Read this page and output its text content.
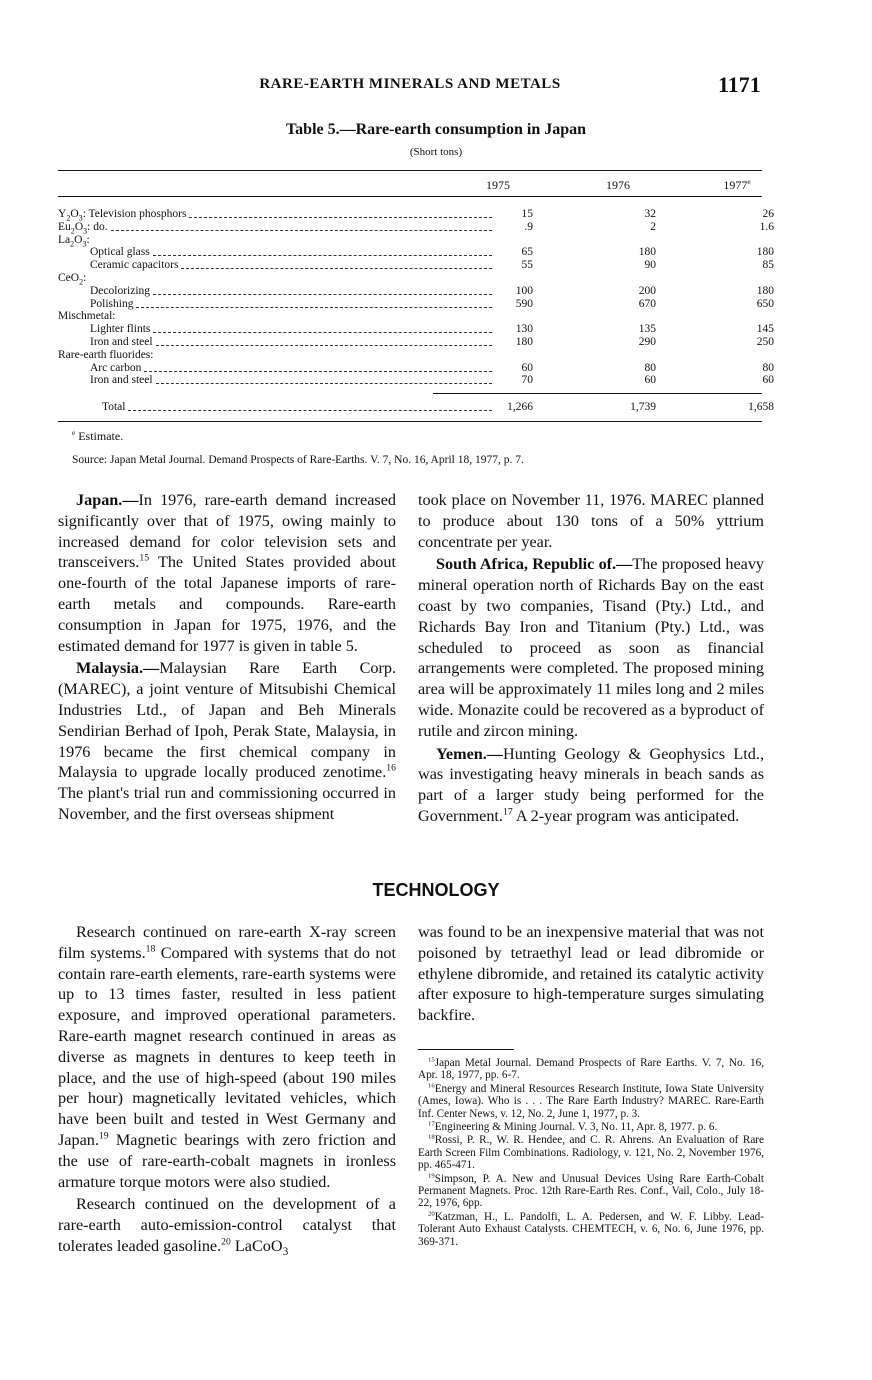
RARE-EARTH MINERALS AND METALS	1171
Table 5.—Rare-earth consumption in Japan
(Short tons)
1975	1976	1977e
$Y_2O_3$: Television phosphors	15	32	26
$Eu_2O_3$: do.	.9	2	1.6
$La_2O_3$:
Optical glass	65	180	180
Ceramic capacitors	55	90	85
CeO$_2$:
Decolorizing	100	200	180
Polishing	590	670	650
Mischmetal:
Lighter flints	130	135	145
Iron and steel	180	290	250
Rare-earth fluorides:
Arc carbon	60	80	80
Iron and steel	70	60	60
Total	1,266	1,739	1,658
$^e$ Estimate.
Source: Japan Metal Journal. Demand Prospects of Rare-Earths. V. 7, No. 16, April 18, 1977, p. 7.

Japan.—In 1976, rare-earth demand increased significantly over that of 1975, owing mainly to increased demand for color television sets and transceivers.$^{15}$ The United States provided about one-fourth of the total Japanese imports of rare-earth metals and compounds. Rare-earth consumption in Japan for 1975, 1976, and the estimated demand for 1977 is given in table 5.

Malaysia.—Malaysian Rare Earth Corp. (MAREC), a joint venture of Mitsubishi Chemical Industries Ltd., of Japan and Beh Minerals Sendirian Berhad of Ipoh, Perak State, Malaysia, in 1976 became the first chemical company in Malaysia to upgrade locally produced zenotime.$^{16}$ The plant's trial run and commissioning occurred in November, and the first overseas shipment

took place on November 11, 1976. MAREC planned to produce about 130 tons of a 50% yttrium concentrate per year.

South Africa, Republic of.—The proposed heavy mineral operation north of Richards Bay on the east coast by two companies, Tisand (Pty.) Ltd., and Richards Bay Iron and Titanium (Pty.) Ltd., was scheduled to proceed as soon as financial arrangements were completed. The proposed mining area will be approximately 11 miles long and 2 miles wide. Monazite could be recovered as a byproduct of rutile and zircon mining.

Yemen.—Hunting Geology & Geophysics Ltd., was investigating heavy minerals in beach sands as part of a larger study being performed for the Government.$^{17}$ A 2-year program was anticipated.

TECHNOLOGY

Research continued on rare-earth X-ray screen film systems.$^{18}$ Compared with systems that do not contain rare-earth elements, rare-earth systems were up to 13 times faster, resulted in less patient exposure, and improved operational parameters. Rare-earth magnet research continued in areas as diverse as magnets in dentures to keep teeth in place, and the use of high-speed (about 190 miles per hour) magnetically levitated vehicles, which have been built and tested in West Germany and Japan.$^{19}$ Magnetic bearings with zero friction and the use of rare-earth-cobalt magnets in ironless armature torque motors were also studied.

Research continued on the development of a rare-earth auto-emission-control catalyst that tolerates leaded gasoline.$^{20}$ LaCoO$_3$

was found to be an inexpensive material that was not poisoned by tetraethyl lead or lead dibromide or ethylene dibromide, and retained its catalytic activity after exposure to high-temperature surges simulating backfire.

$^{15}$Japan Metal Journal. Demand Prospects of Rare Earths. V. 7, No. 16, Apr. 18, 1977, pp. 6-7.
$^{16}$Energy and Mineral Resources Research Institute, Iowa State University (Ames, Iowa). Who is . . . The Rare Earth Industry? MAREC. Rare-Earth Inf. Center News, v. 12, No. 2, June 1, 1977, p. 3.
$^{17}$Engineering & Mining Journal. V. 3, No. 11, Apr. 8, 1977. p. 6.
$^{18}$Rossi, P. R., W. R. Hendee, and C. R. Ahrens. An Evaluation of Rare Earth Screen Film Combinations. Radiology, v. 121, No. 2, November 1976, pp. 465-471.
$^{19}$Simpson, P. A. New and Unusual Devices Using Rare Earth-Cobalt Permanent Magnets. Proc. 12th Rare-Earth Res. Conf., Vail, Colo., July 18-22, 1976, 6pp.
$^{20}$Katzman, H., L. Pandolfi, L. A. Pedersen, and W. F. Libby. Lead-Tolerant Auto Exhaust Catalysts. CHEMTECH, v. 6, No. 6, June 1976, pp. 369-371.
